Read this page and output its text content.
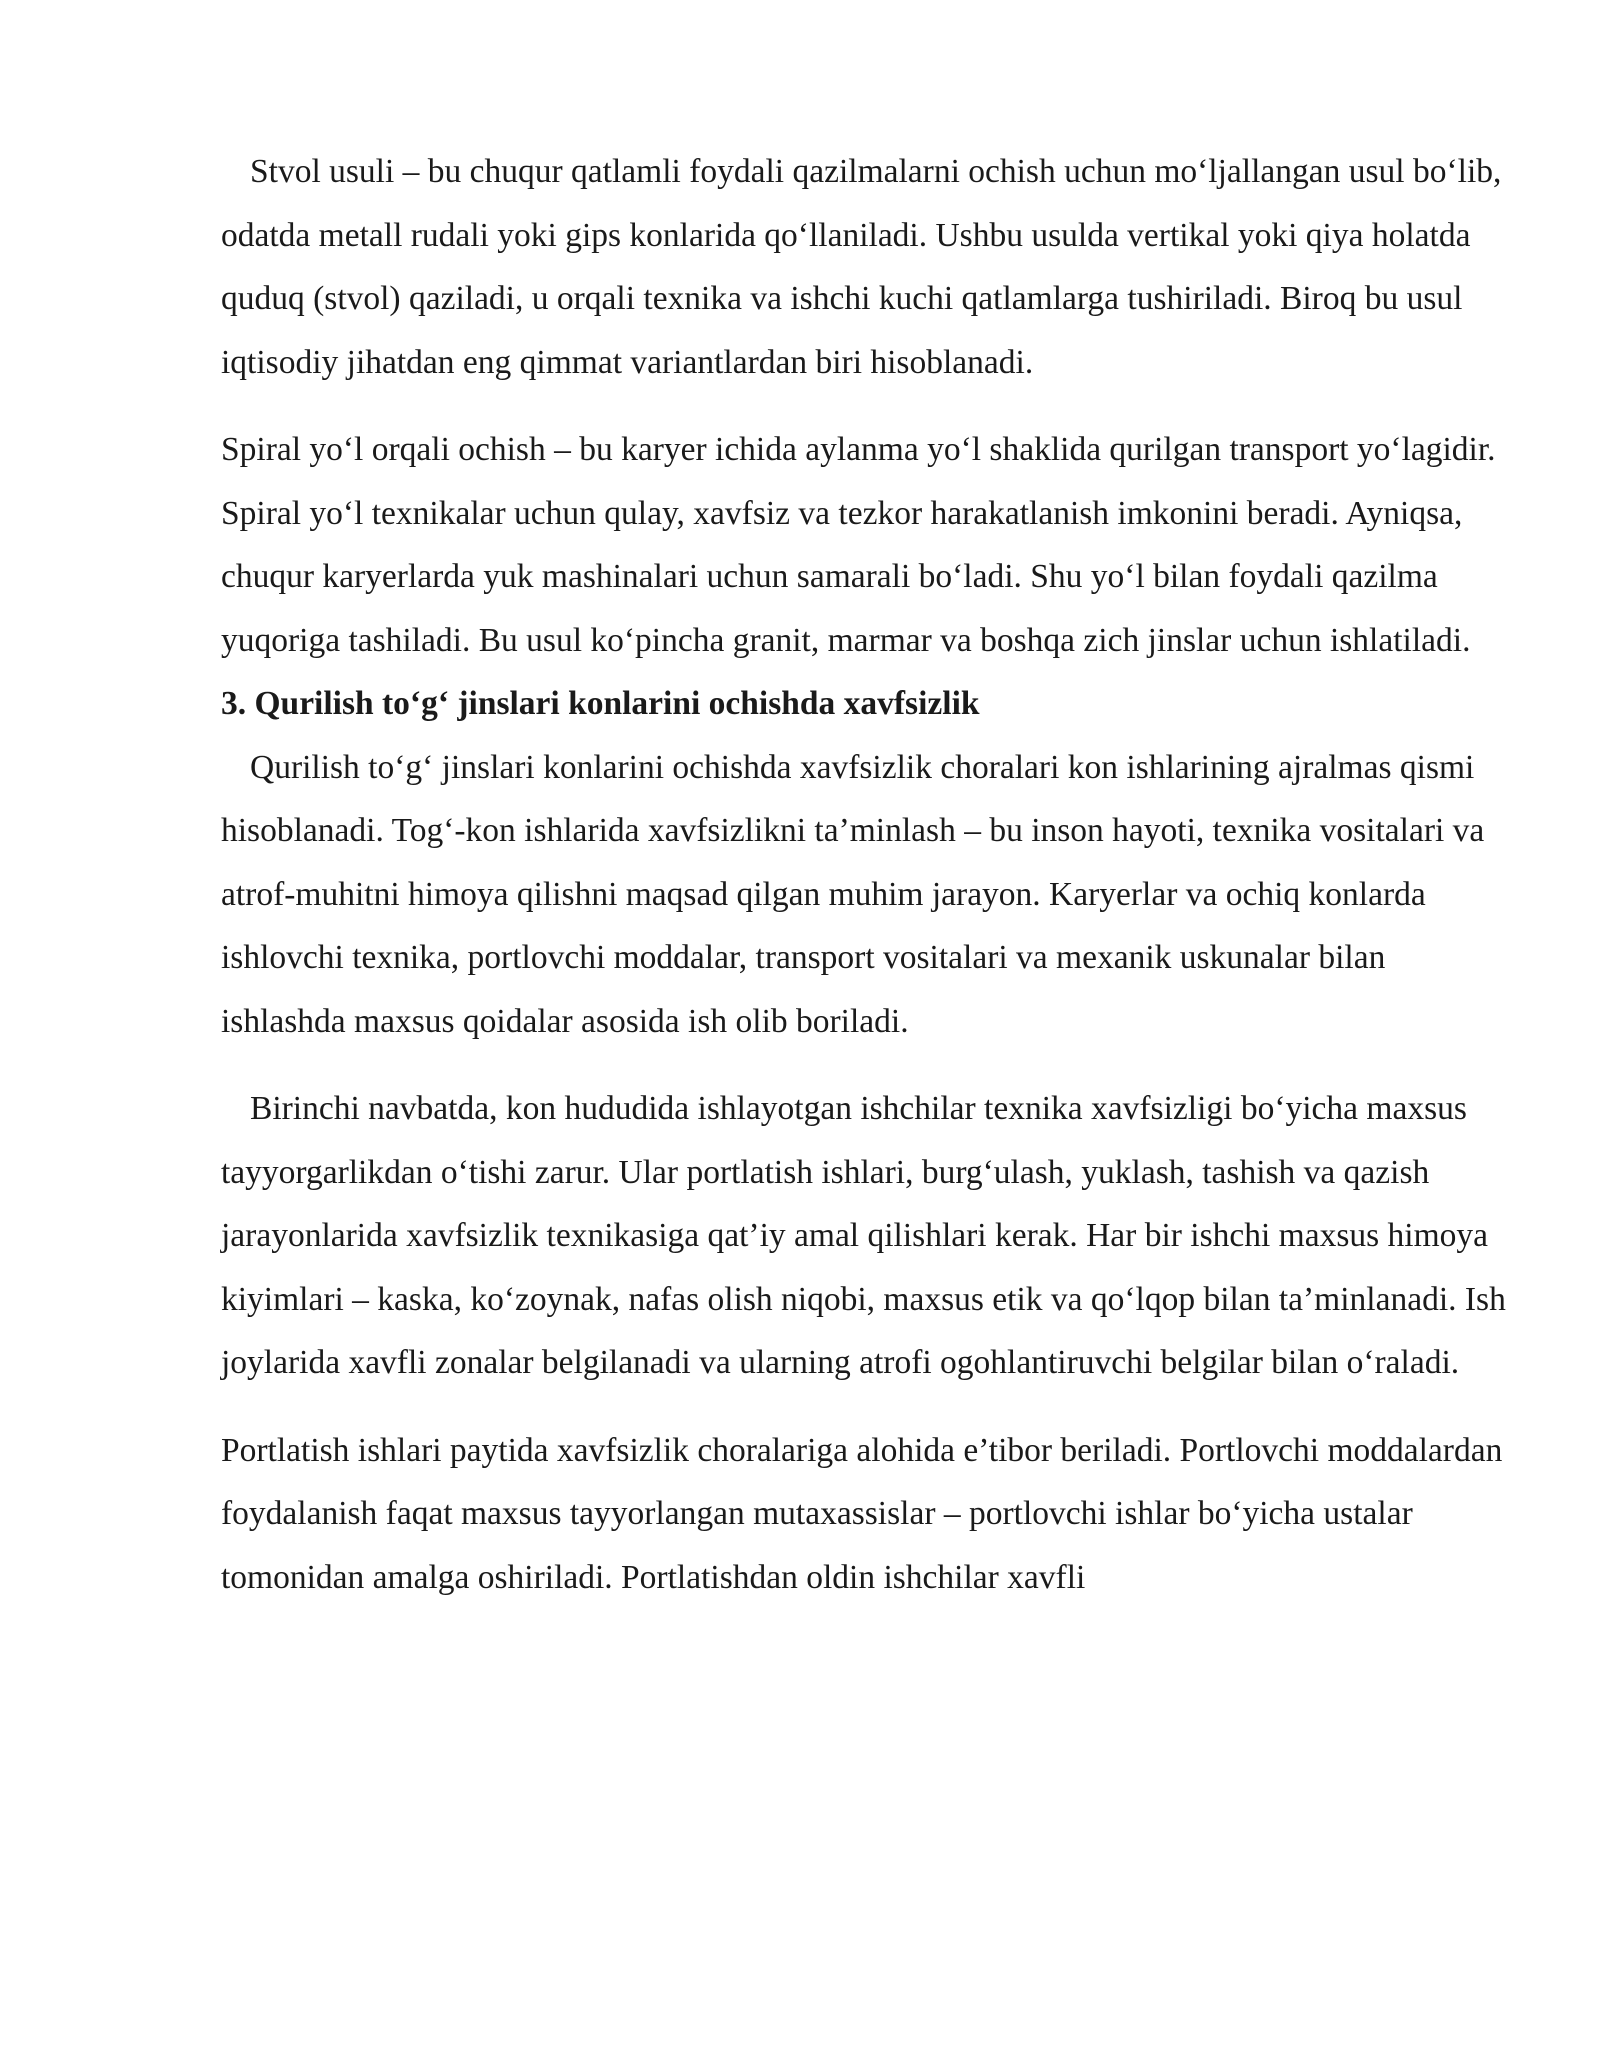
Stvol usuli – bu chuqur qatlamli foydali qazilmalarni ochish uchun mo‘ljallangan usul bo‘lib, odatda metall rudali yoki gips konlarida qo‘llaniladi. Ushbu usulda vertikal yoki qiya holatda quduq (stvol) qaziladi, u orqali texnika va ishchi kuchi qatlamlarga tushiriladi. Biroq bu usul iqtisodiy jihatdan eng qimmat variantlardan biri hisoblanadi.

Spiral yo‘l orqali ochish – bu karyer ichida aylanma yo‘l shaklida qurilgan transport yo‘lagidir. Spiral yo‘l texnikalar uchun qulay, xavfsiz va tezkor harakatlanish imkonini beradi. Ayniqsa, chuqur karyerlarda yuk mashinalari uchun samarali bo‘ladi. Shu yo‘l bilan foydali qazilma yuqoriga tashiladi. Bu usul ko‘pincha granit, marmar va boshqa zich jinslar uchun ishlatiladi.

3. Qurilish to‘g‘ jinslari konlarini ochishda xavfsizlik

Qurilish to‘g‘ jinslari konlarini ochishda xavfsizlik choralari kon ishlarining ajralmas qismi hisoblanadi. Tog‘-kon ishlarida xavfsizlikni ta’minlash – bu inson hayoti, texnika vositalari va atrof-muhitni himoya qilishni maqsad qilgan muhim jarayon. Karyerlar va ochiq konlarda ishlovchi texnika, portlovchi moddalar, transport vositalari va mexanik uskunalar bilan ishlashda maxsus qoidalar asosida ish olib boriladi.

Birinchi navbatda, kon hududida ishlayotgan ishchilar texnika xavfsizligi bo‘yicha maxsus tayyorgarlikdan o‘tishi zarur. Ular portlatish ishlari, burg‘ulash, yuklash, tashish va qazish jarayonlarida xavfsizlik texnikasiga qat’iy amal qilishlari kerak. Har bir ishchi maxsus himoya kiyimlari – kaska, ko‘zoynak, nafas olish niqobi, maxsus etik va qo‘lqop bilan ta’minlanadi. Ish joylarida xavfli zonalar belgilanadi va ularning atrofi ogohlantiruvchi belgilar bilan o‘raladi.

Portlatish ishlari paytida xavfsizlik choralariga alohida e’tibor beriladi. Portlovchi moddalardan foydalanish faqat maxsus tayyorlangan mutaxassislar – portlovchi ishlar bo‘yicha ustalar tomonidan amalga oshiriladi. Portlatishdan oldin ishchilar xavfli
